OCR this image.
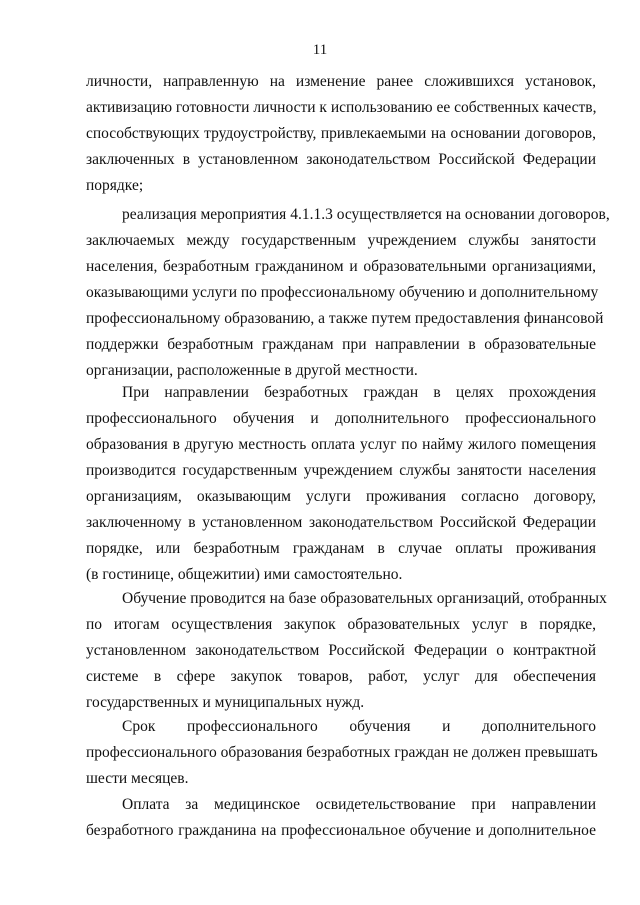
11
личности, направленную на изменение ранее сложившихся установок,
активизацию готовности личности к использованию ее собственных качеств,
способствующих трудоустройству, привлекаемыми на основании договоров,
заключенных в установленном законодательством Российской Федерации
порядке;
реализация мероприятия 4.1.1.3 осуществляется на основании договоров,
заключаемых между государственным учреждением службы занятости
населения, безработным гражданином и образовательными организациями,
оказывающими услуги по профессиональному обучению и дополнительному
профессиональному образованию, а также путем предоставления финансовой
поддержки безработным гражданам при направлении в образовательные
организации, расположенные в другой местности.
При направлении безработных граждан в целях прохождения
профессионального обучения и дополнительного профессионального
образования в другую местность оплата услуг по найму жилого помещения
производится государственным учреждением службы занятости населения
организациям, оказывающим услуги проживания согласно договору,
заключенному в установленном законодательством Российской Федерации
порядке, или безработным гражданам в случае оплаты проживания
(в гостинице, общежитии) ими самостоятельно.
Обучение проводится на базе образовательных организаций, отобранных
по итогам осуществления закупок образовательных услуг в порядке,
установленном законодательством Российской Федерации о контрактной
системе в сфере закупок товаров, работ, услуг для обеспечения
государственных и муниципальных нужд.
Срок профессионального обучения и дополнительного
профессионального образования безработных граждан не должен превышать
шести месяцев.
Оплата за медицинское освидетельствование при направлении
безработного гражданина на профессиональное обучение и дополнительное
